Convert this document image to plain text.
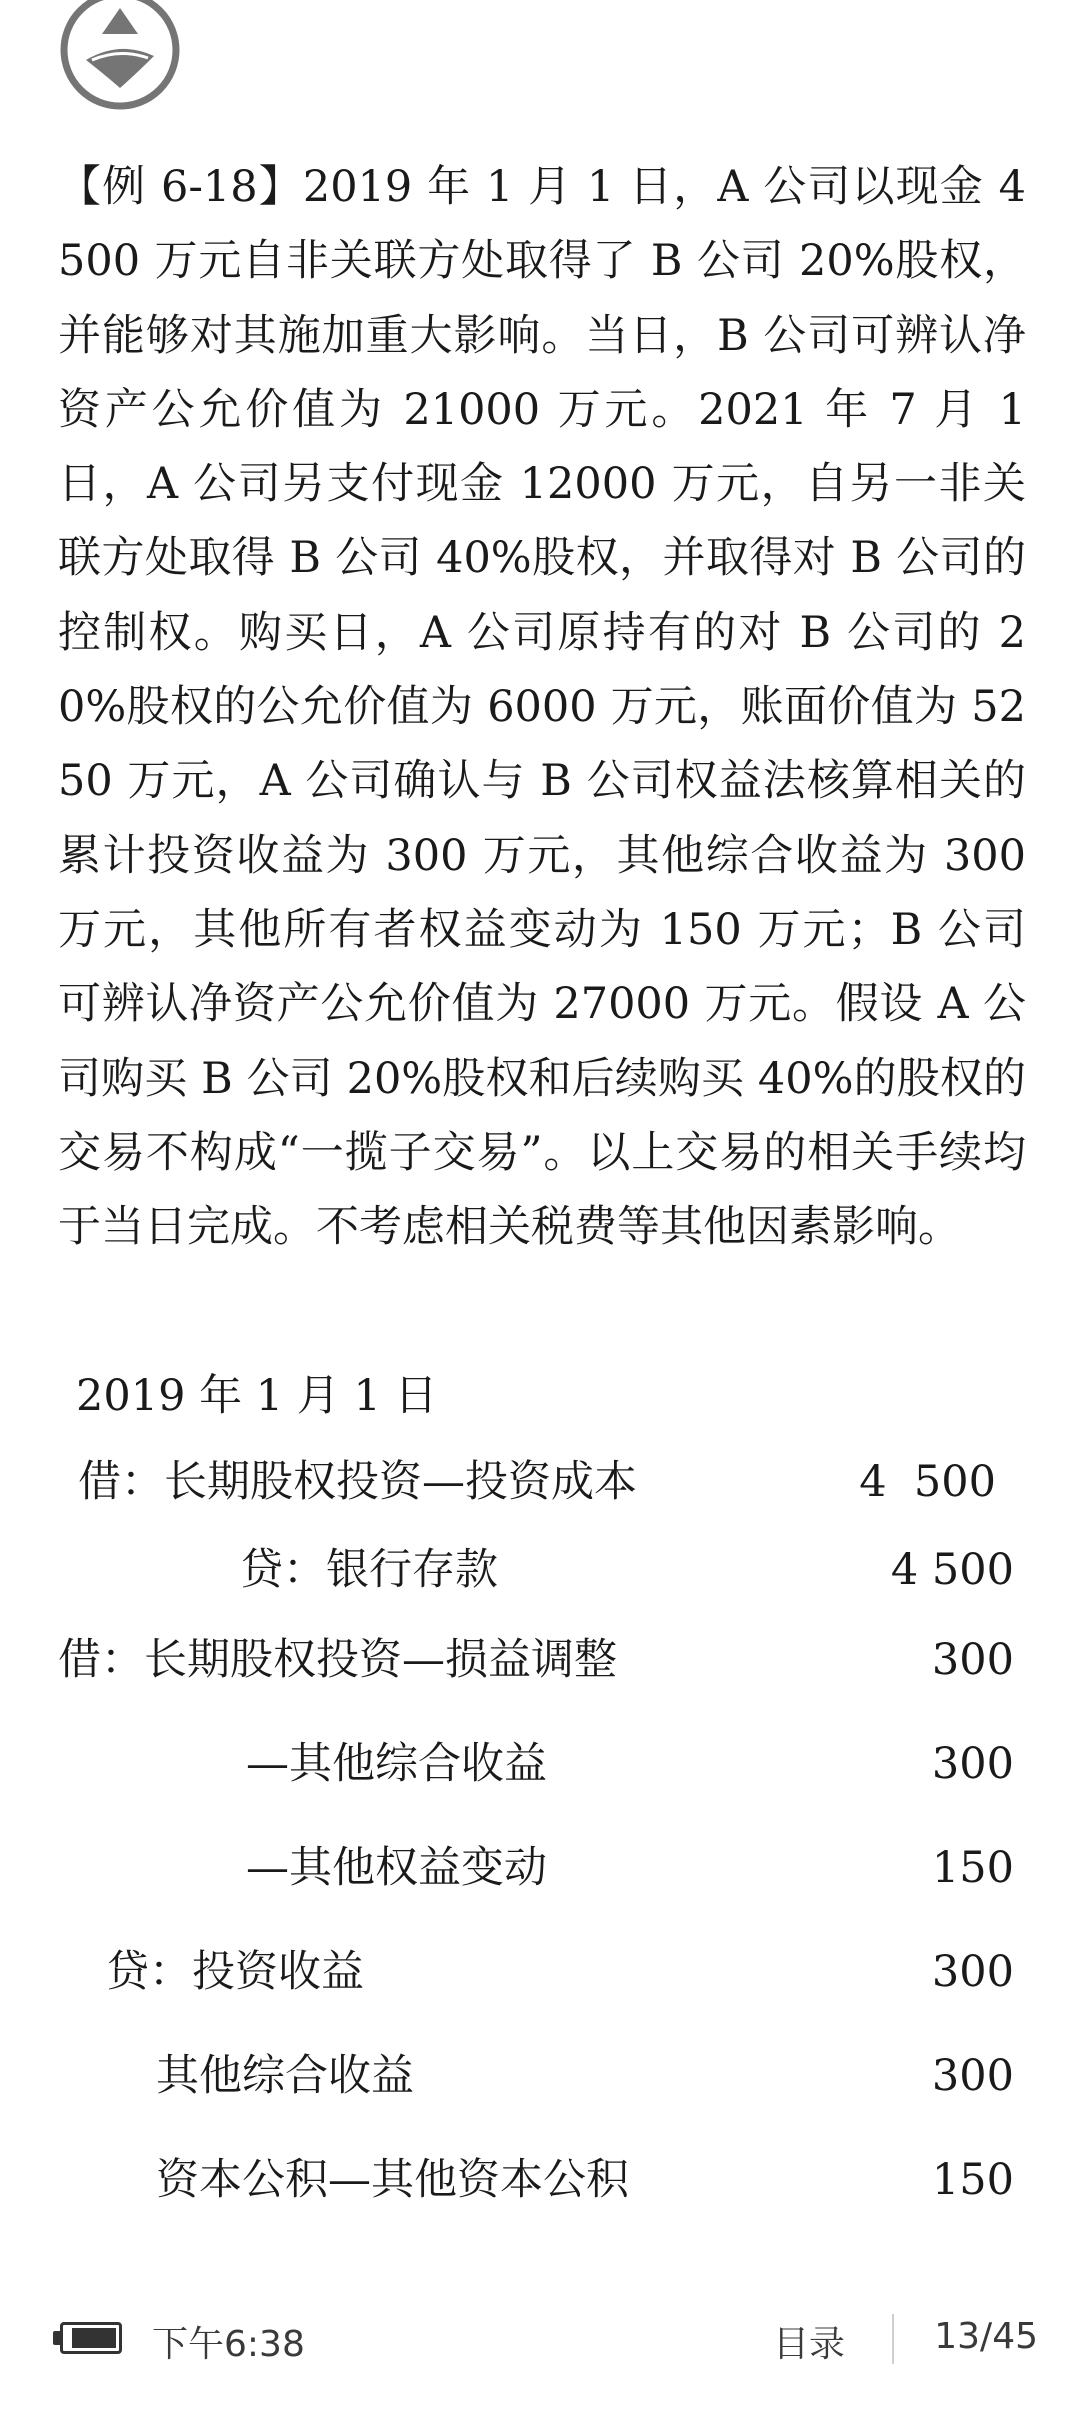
【例 6-18】2019 年 1 月 1 日，A 公司以现金 4500 万元自非关联方处取得了 B 公司 20%股权，并能够对其施加重大影响。当日，B 公司可辨认净资产公允价值为 21000 万元。2021 年 7 月 1 日，A 公司另支付现金 12000 万元，自另一非关联方处取得 B 公司 40%股权，并取得对 B 公司的控制权。购买日，A 公司原持有的对 B 公司的 20%股权的公允价值为 6000 万元，账面价值为 5250 万元，A 公司确认与 B 公司权益法核算相关的累计投资收益为 300 万元，其他综合收益为 300 万元，其他所有者权益变动为 150 万元；B 公司可辨认净资产公允价值为 27000 万元。假设 A 公司购买 B 公司 20%股权和后续购买 40%的股权的交易不构成“一揽子交易”。以上交易的相关手续均于当日完成。不考虑相关税费等其他因素影响。

2019 年 1 月 1 日
借：长期股权投资—投资成本	4  500
贷：银行存款	4 500
借：长期股权投资—损益调整	300
—其他综合收益	300
—其他权益变动	150
贷：投资收益	300
其他综合收益	300
资本公积—其他资本公积	150
下午6:38	目录 13/45
